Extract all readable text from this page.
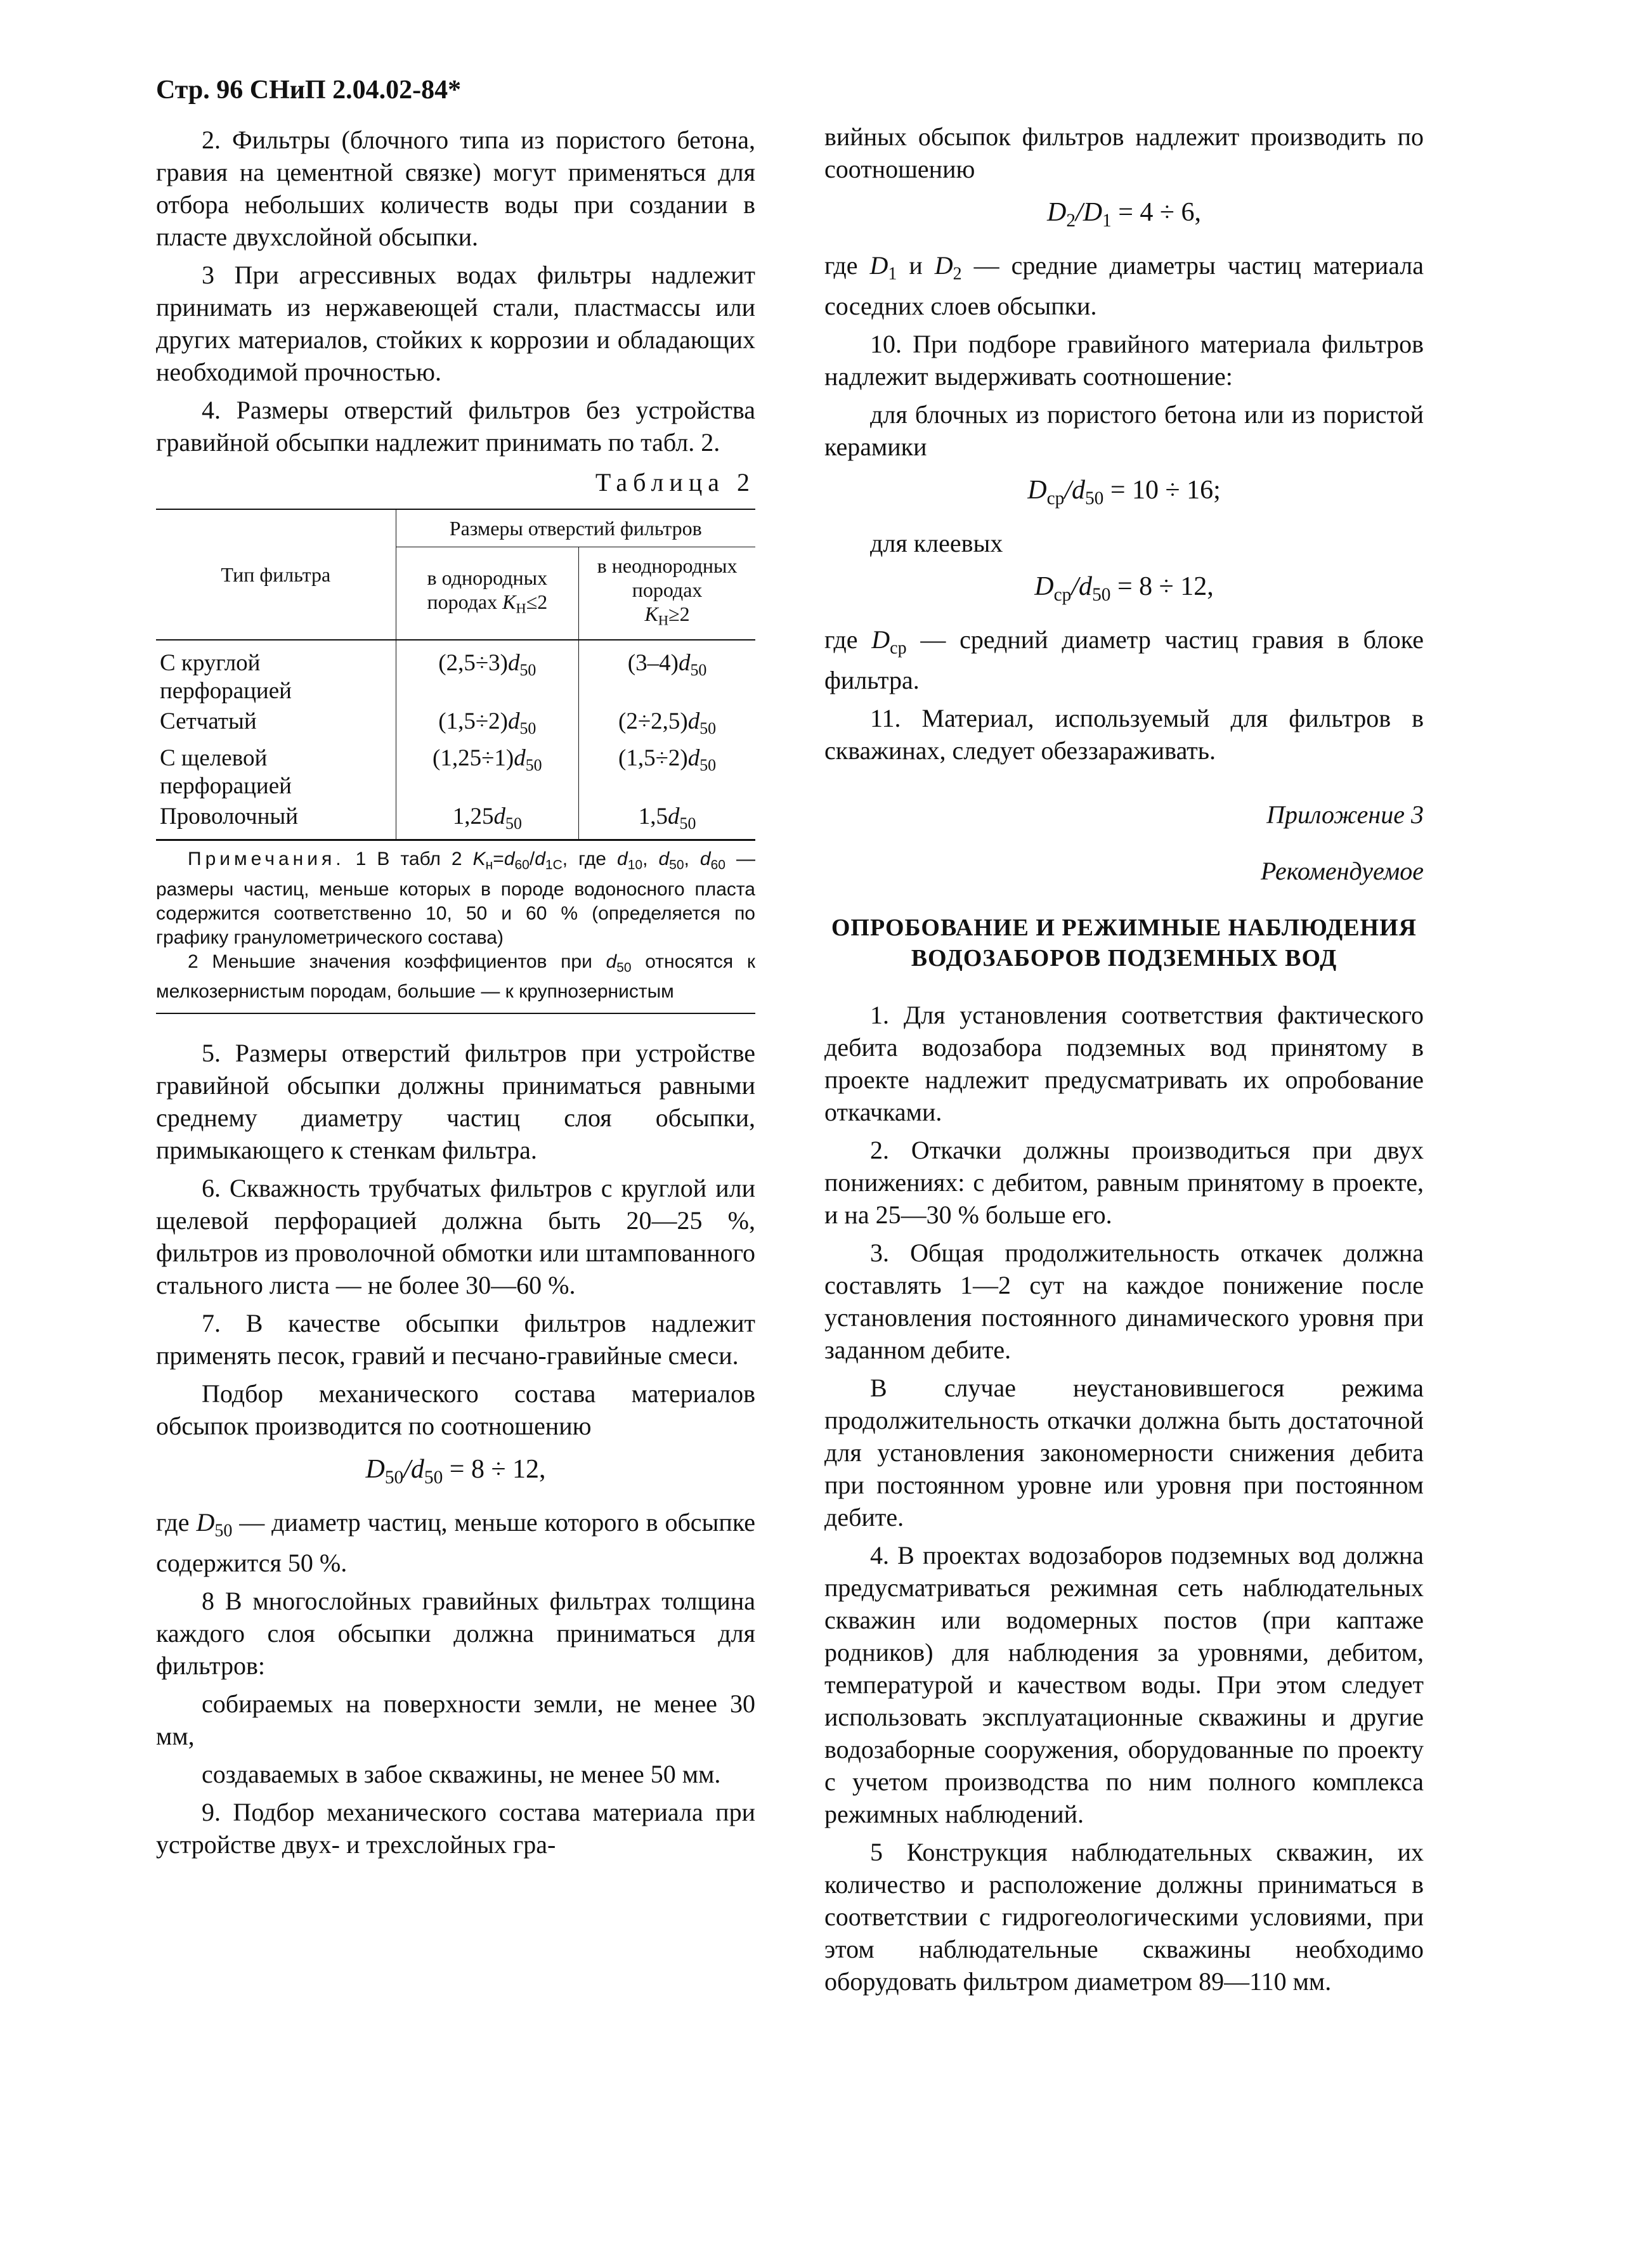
Стр. 96 СНиП 2.04.02-84*

2. Фильтры (блочного типа из пористого бетона, гравия на цементной связке) могут применяться для отбора небольших количеств воды при создании в пласте двухслойной обсыпки.

3 При агрессивных водах фильтры надлежит принимать из нержавеющей стали, пластмассы или других материалов, стойких к коррозии и обладающих необходимой прочностью.

4. Размеры отверстий фильтров без устройства гравийной обсыпки надлежит принимать по табл. 2.

Таблица 2
Тип фильтра	Размеры отверстий фильтров	
	в однородных породах $K_H\le 2$	в неоднородных породах
$K_H\ge 2$
С круглой перфорацией	$(2,5\div 3)d_{50}$	$(3-4)d_{50}$
Сетчатый	$(1,5\div 2)d_{50}$	$(2\div 2,5)d_{50}$
С щелевой перфорацией	$(1,25\div 1)d_{50}$	$(1,5\div 2)d_{50}$
Проволочный	$1,25d_{50}$	$1,5d_{50}$

Примечания. 1 В табл 2 $K_н=d_{60}/d_{1С}$, где $d_{10}$, $d_{50}$, $d_{60}$ — размеры частиц, меньше которых в породе водоносного пласта содержится соответственно 10, 50 и 60 % (определяется по графику гранулометрического состава)

2 Меньшие значения коэффициентов при $d_{50}$ относятся к мелкозернистым породам, большие — к крупнозернистым

5. Размеры отверстий фильтров при устройстве гравийной обсыпки должны приниматься равными среднему диаметру частиц слоя обсыпки, примыкающего к стенкам фильтра.

6. Скважность трубчатых фильтров с круглой или щелевой перфорацией должна быть 20—25 %, фильтров из проволочной обмотки или штампованного стального листа — не более 30—60 %.

7. В качестве обсыпки фильтров надлежит применять песок, гравий и песчано-гравийные смеси.

Подбор механического состава материалов обсыпок производится по соотношению

$D_{50}/d_{50} = 8 \div 12$,

где $D_{50}$ — диаметр частиц, меньше которого в обсыпке содержится 50 %.

8 В многослойных гравийных фильтрах толщина каждого слоя обсыпки должна приниматься для фильтров:

собираемых на поверхности земли, не менее 30 мм,

создаваемых в забое скважины, не менее 50 мм.

9. Подбор механического состава материала при устройстве двух- и трехслойных гра-

вийных обсыпок фильтров надлежит производить по соотношению

$D_2/D_1 = 4 \div 6$,

где $D_1$ и $D_2$ — средние диаметры частиц материала соседних слоев обсыпки.

10. При подборе гравийного материала фильтров надлежит выдерживать соотношение:

для блочных из пористого бетона или из пористой керамики

$D_{ср}/d_{50} = 10 \div 16$;

для клеевых

$D_{ср}/d_{50} = 8 \div 12$,

где $D_{ср}$ — средний диаметр частиц гравия в блоке фильтра.

11. Материал, используемый для фильтров в скважинах, следует обеззараживать.

Приложение 3
Рекомендуемое
ОПРОБОВАНИЕ И РЕЖИМНЫЕ НАБЛЮДЕНИЯ
ВОДОЗАБОРОВ ПОДЗЕМНЫХ ВОД

1. Для установления соответствия фактического дебита водозабора подземных вод принятому в проекте надлежит предусматривать их опробование откачками.

2. Откачки должны производиться при двух понижениях: с дебитом, равным принятому в проекте, и на 25—30 % больше его.

3. Общая продолжительность откачек должна составлять 1—2 сут на каждое понижение после установления постоянного динамического уровня при заданном дебите.

В случае неустановившегося режима продолжительность откачки должна быть достаточной для установления закономерности снижения дебита при постоянном уровне или уровня при постоянном дебите.

4. В проектах водозаборов подземных вод должна предусматриваться режимная сеть наблюдательных скважин или водомерных постов (при каптаже родников) для наблюдения за уровнями, дебитом, температурой и качеством воды. При этом следует использовать эксплуатационные скважины и другие водозаборные сооружения, оборудованные по проекту с учетом производства по ним полного комплекса режимных наблюдений.

5 Конструкция наблюдательных скважин, их количество и расположение должны приниматься в соответствии с гидрогеологическими условиями, при этом наблюдательные скважины необходимо оборудовать фильтром диаметром 89—110 мм.
